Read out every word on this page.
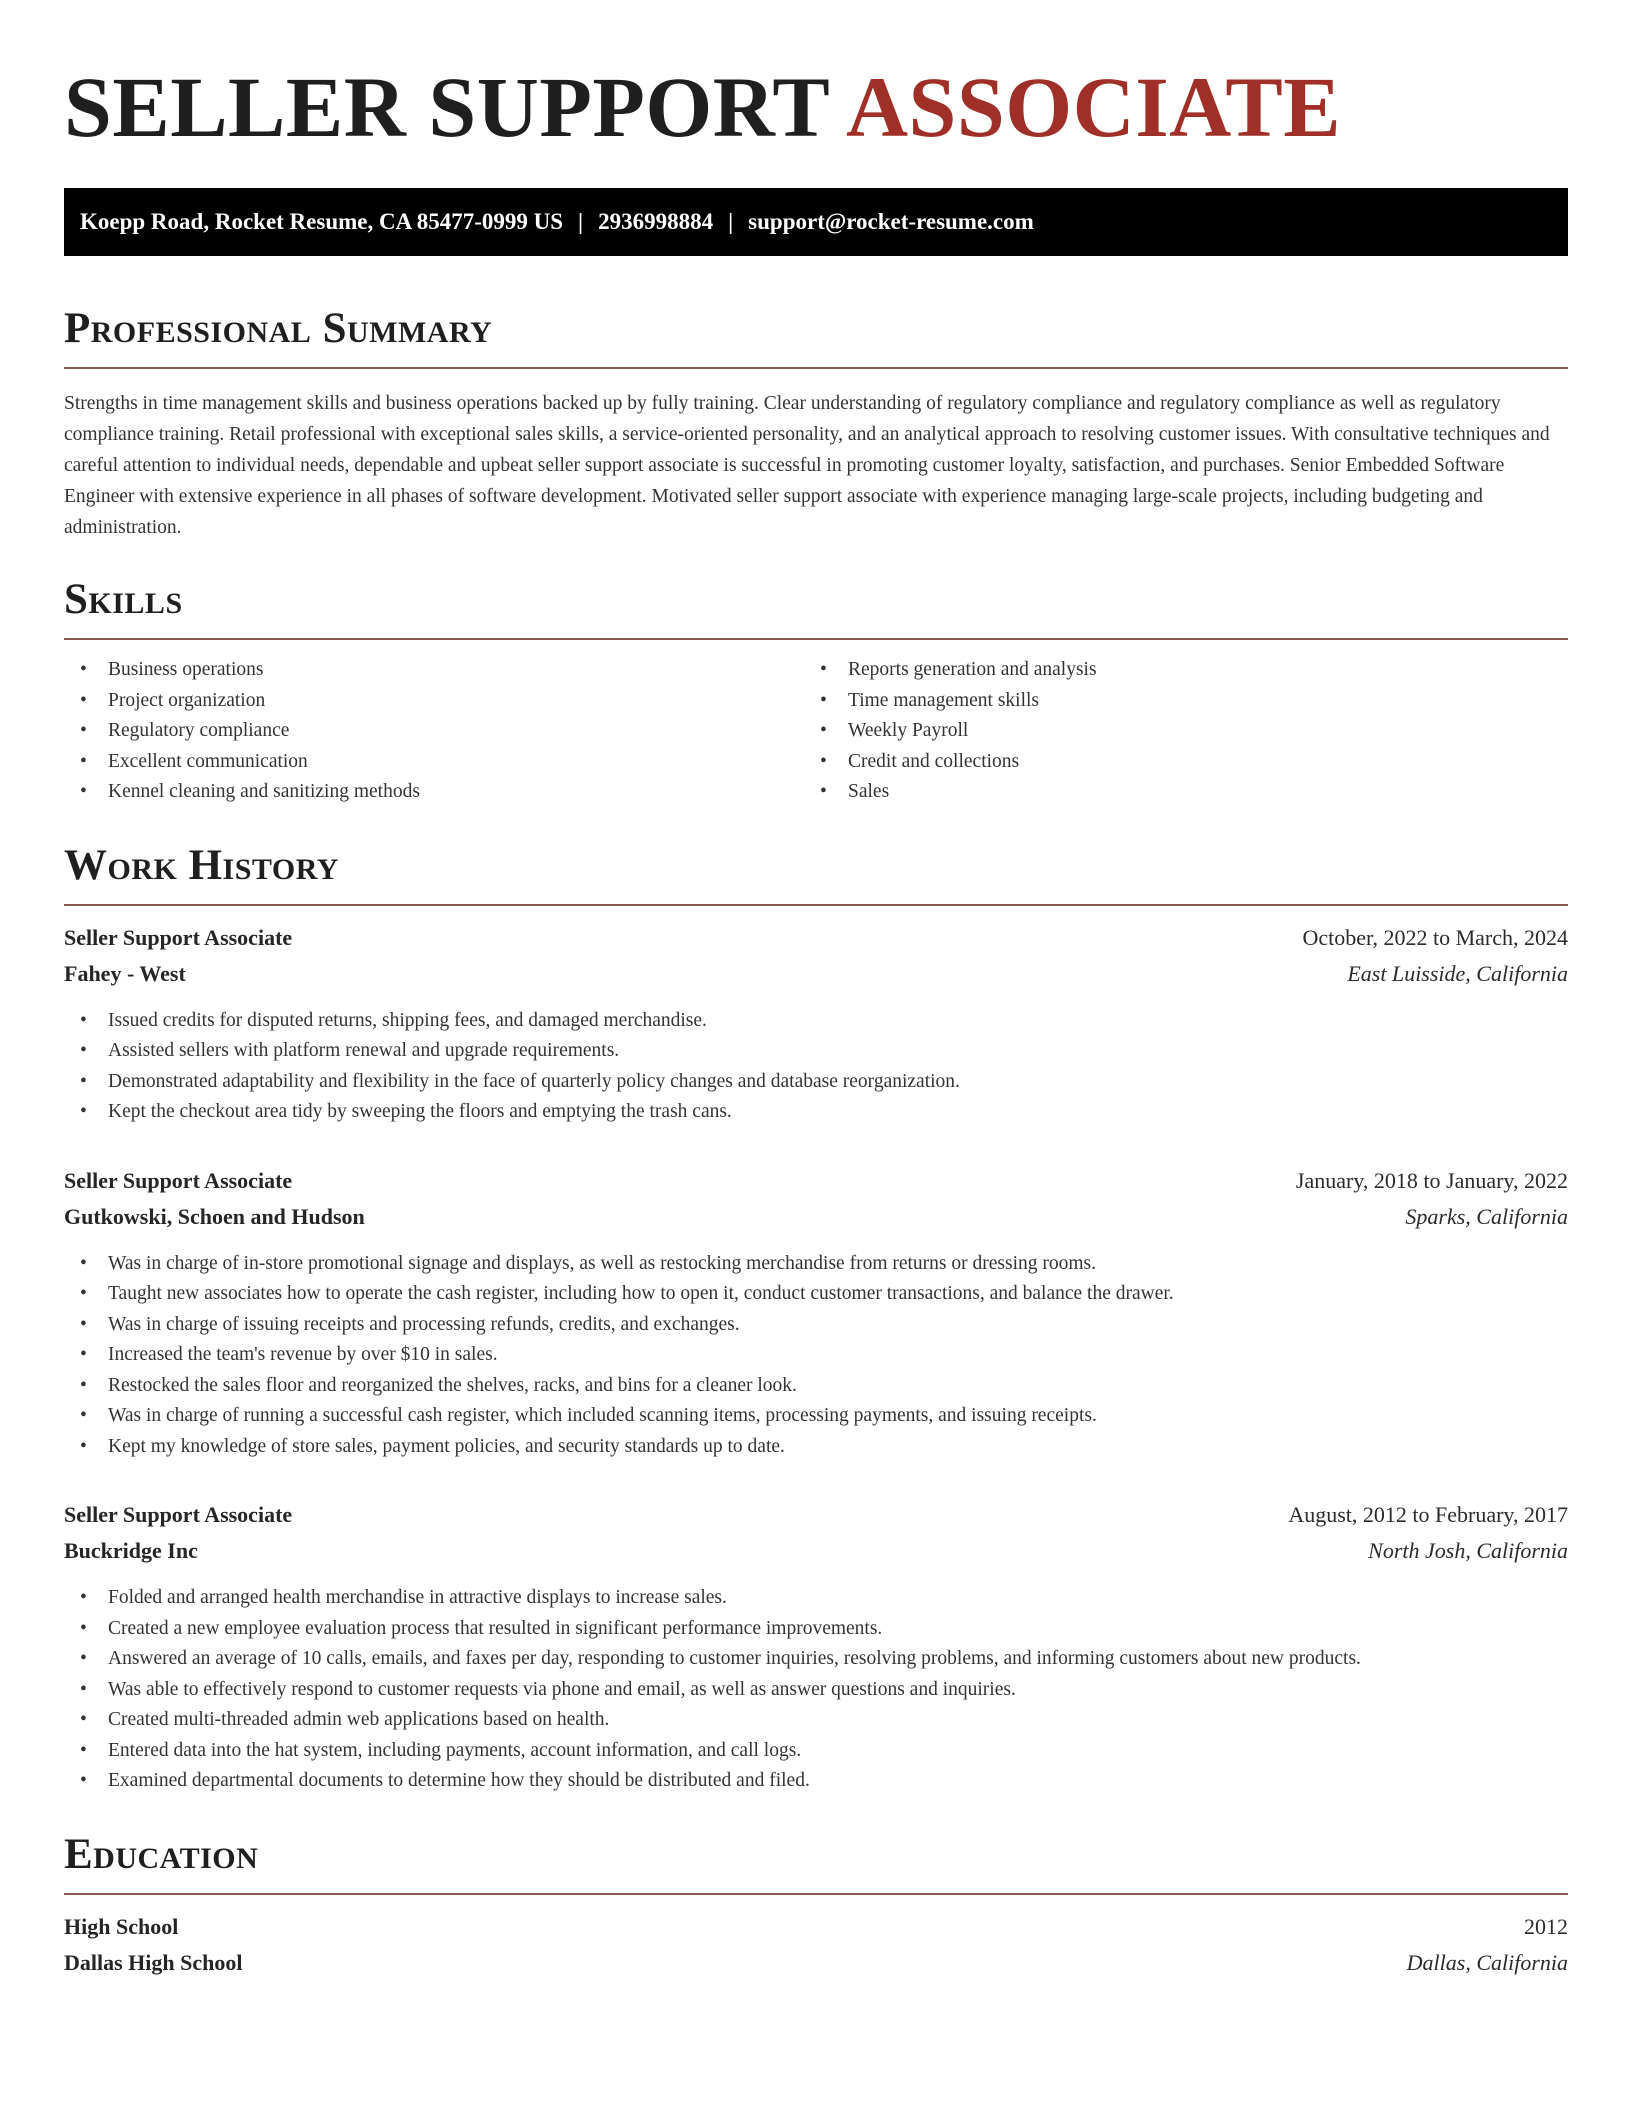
SELLER SUPPORT ASSOCIATE
Koepp Road, Rocket Resume, CA 85477-0999 US | 2936998884 | support@rocket-resume.com
Professional Summary

Strengths in time management skills and business operations backed up by fully training. Clear understanding of regulatory compliance and regulatory compliance as well as regulatory compliance training. Retail professional with exceptional sales skills, a service-oriented personality, and an analytical approach to resolving customer issues. With consultative techniques and careful attention to individual needs, dependable and upbeat seller support associate is successful in promoting customer loyalty, satisfaction, and purchases. Senior Embedded Software Engineer with extensive experience in all phases of software development. Motivated seller support associate with experience managing large-scale projects, including budgeting and administration.

Skills
• Business operations
• Project organization
• Regulatory compliance
• Excellent communication
• Kennel cleaning and sanitizing methods
• Reports generation and analysis
• Time management skills
• Weekly Payroll
• Credit and collections
• Sales
Work History
Seller Support Associate	October, 2022 to March, 2024
Fahey - West	East Luisside, California
• Issued credits for disputed returns, shipping fees, and damaged merchandise.
• Assisted sellers with platform renewal and upgrade requirements.
• Demonstrated adaptability and flexibility in the face of quarterly policy changes and database reorganization.
• Kept the checkout area tidy by sweeping the floors and emptying the trash cans.
Seller Support Associate	January, 2018 to January, 2022
Gutkowski, Schoen and Hudson	Sparks, California
• Was in charge of in-store promotional signage and displays, as well as restocking merchandise from returns or dressing rooms.
• Taught new associates how to operate the cash register, including how to open it, conduct customer transactions, and balance the drawer.
• Was in charge of issuing receipts and processing refunds, credits, and exchanges.
• Increased the team's revenue by over $10 in sales.
• Restocked the sales floor and reorganized the shelves, racks, and bins for a cleaner look.
• Was in charge of running a successful cash register, which included scanning items, processing payments, and issuing receipts.
• Kept my knowledge of store sales, payment policies, and security standards up to date.
Seller Support Associate	August, 2012 to February, 2017
Buckridge Inc	North Josh, California
• Folded and arranged health merchandise in attractive displays to increase sales.
• Created a new employee evaluation process that resulted in significant performance improvements.
• Answered an average of 10 calls, emails, and faxes per day, responding to customer inquiries, resolving problems, and informing customers about new products.
• Was able to effectively respond to customer requests via phone and email, as well as answer questions and inquiries.
• Created multi-threaded admin web applications based on health.
• Entered data into the hat system, including payments, account information, and call logs.
• Examined departmental documents to determine how they should be distributed and filed.
Education
High School	2012
Dallas High School	Dallas, California
